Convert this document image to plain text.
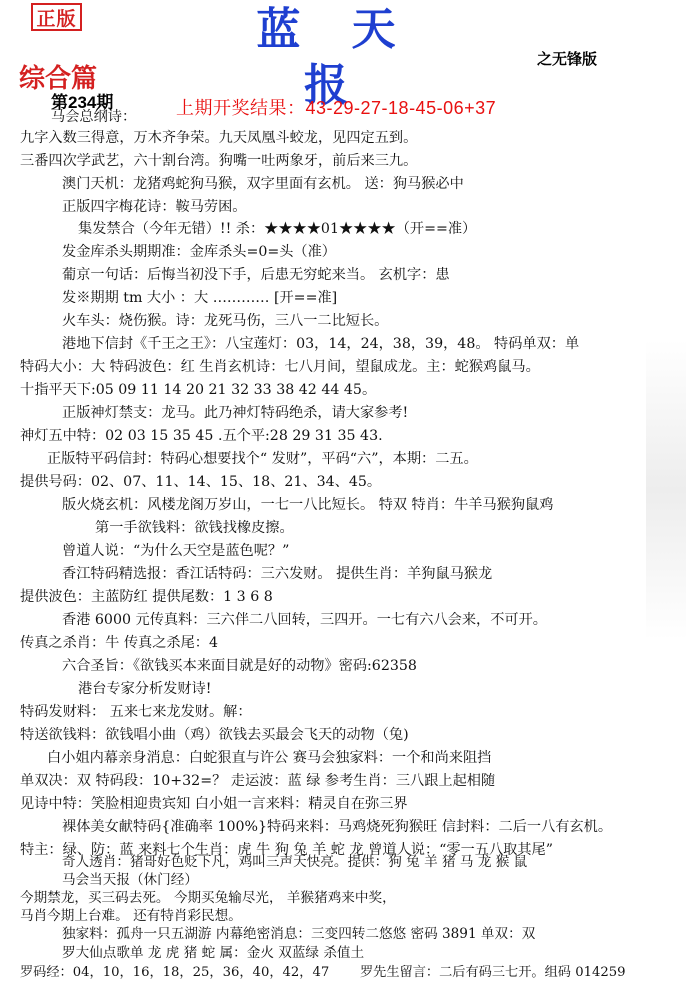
正版	蓝 天 报
之无锋版
综合篇
第234期	上期开奖结果：43-29-27-18-45-06+37
马会总纲诗：
九字入数三得意，万木齐争荣。九天凤凰斗蛟龙，见四定五到。
三番四次学武艺，六十割台湾。狗嘴一吐两象牙，前后来三九。
澳门天机：龙猪鸡蛇狗马猴，双字里面有玄机。 送：狗马猴必中
正版四字梅花诗：鞍马劳困。
集发禁合（今年无错）!! 杀：★★★★01★★★★（开==准）
发金库杀头期期准：金库杀头=0=头（准）
葡京一句话：后悔当初没下手，后患无穷蛇来当。 玄机字：患
发※期期 tm 大小 ：大 ………… [开==准]
火车头：烧伤猴。诗：龙死马伤，三八一二比短长。
港地下信封《千王之王》：八宝莲灯：03，14，24，38，39，48。 特码单双：单
特码大小：大 特码波色：红 生肖玄机诗：七八月间，望鼠成龙。主：蛇猴鸡鼠马。
十指平天下:05 09 11 14 20 21 32 33 38 42 44 45。
正版神灯禁支：龙马。此乃神灯特码绝杀，请大家参考!
神灯五中特：02 03 15 35 45 .五个平:28 29 31 35 43.
正版特平码信封：特码心想要找个“ 发财”，平码“六”，本期：二五。
提供号码：02、07、11、14、15、18、21、34、45。
版火烧玄机：风楼龙阁万岁山，一七一八比短长。 特双 特肖：牛羊马猴狗鼠鸡
第一手欲钱料：欲钱找橡皮擦。
曾道人说：“为什么天空是蓝色呢？”
香江特码精选报：香江话特码：三六发财。 提供生肖：羊狗鼠马猴龙
提供波色：主蓝防红 提供尾数：1 3 6 8
香港 6000 元传真料：三六伴二八回转，三四开。一七有六八会来，不可开。
传真之杀肖：牛 传真之杀尾：4
六合圣旨：《欲钱买本来面目就是好的动物》密码:62358
港台专家分析发财诗!
特码发财料： 五来七来龙发财。解：
特送欲钱料：欲钱唱小曲（鸡）欲钱去买最会飞天的动物（兔)
白小姐内幕亲身消息：白蛇狠直与许公 赛马会独家料：一个和尚来阻挡
单双决：双 特码段：10+32=？ 走运波：蓝 绿 参考生肖：三八跟上起相随
见诗中特：笑脸相迎贵宾知 白小姐一言来料：精灵自在弥三界
裸体美女献特码{准确率 100%}特码来料：马鸡烧死狗猴旺 信封料：二后一八有玄机。
特主：绿、防：蓝 来料七个生肖：虎 牛 狗 兔 羊 蛇 龙 曾道人说：“零一五八取其尾”
奇人透肖：猪哥好色贬下凡，鸡叫三声天快亮。提供：狗 兔 羊 猪 马 龙 猴 鼠
马会当天报（休门经）
今期禁龙，买三码去死。 今期买兔输尽光， 羊猴猪鸡来中奖，
马肖今期上台难。 还有特肖彩民想。
独家料：孤舟一只五湖游 内幕绝密消息：三变四转二悠悠 密码 3891 单双：双
罗大仙点歌单 龙 虎 猪 蛇 属：金火 双蓝绿 杀值土
罗码经：04，10，16，18，25，36，40，42，47 罗先生留言：二后有码三七开。组码 014259
